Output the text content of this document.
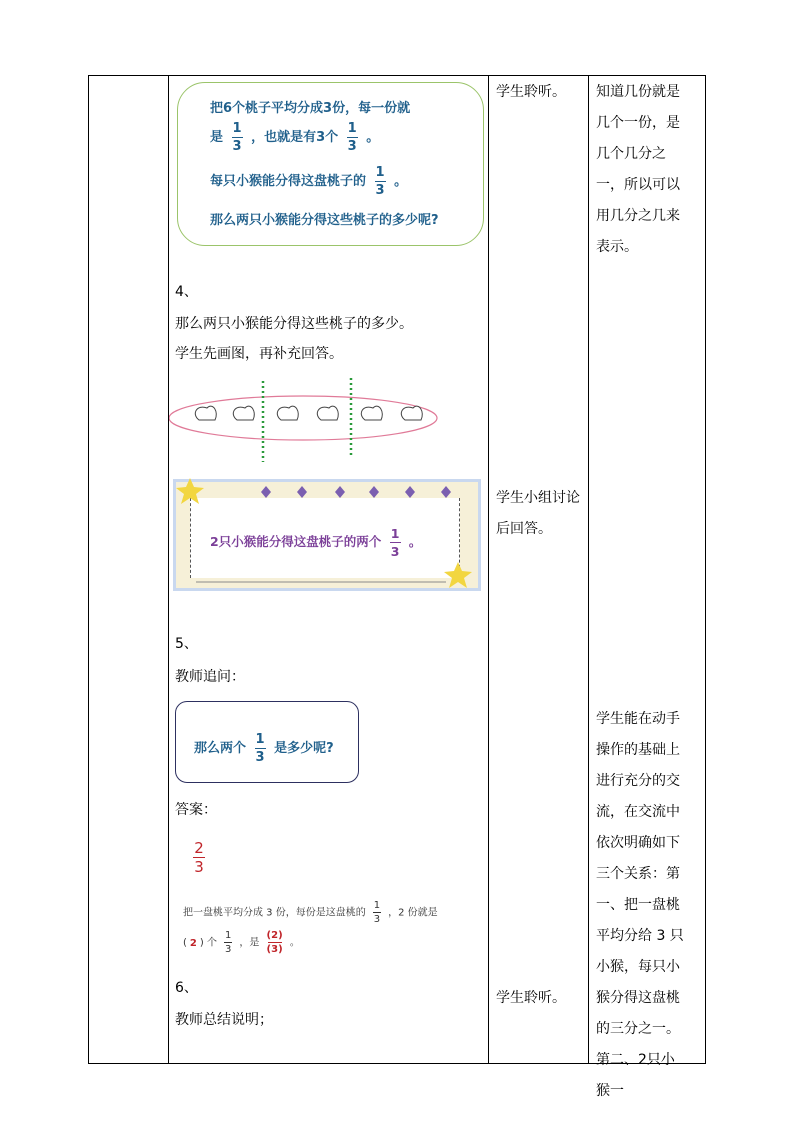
把6个桃子平均分成3份，每一份就
是 $\frac{1}{3}$ ，也就是有3个 $\frac{1}{3}$ 。
每只小猴能分得这盘桃子的 $\frac{1}{3}$ 。
那么两只小猴能分得这些桃子的多少呢?
4、
那么两只小猴能分得这些桃子的多少。
学生先画图，再补充回答。
2只小猴能分得这盘桃子的两个 $\frac{1}{3}$ 。
5、
教师追问：
那么两个 $\frac{1}{3}$ 是多少呢?
答案：
$\frac{2}{3}$
把一盘桃平均分成 3 份，每份是这盘桃的 $\frac{1}{3}$ ，2 份就是
( 2 ) 个 $\frac{1}{3}$ ，是 $\frac{(2)}{(3)}$ 。
6、
教师总结说明；
学生聆听。
学生小组讨论后回答。
学生聆听。
知道几份就是几个一份，是几个几分之一，所以可以用几分之几来表示。
学生能在动手操作的基础上进行充分的交流，在交流中依次明确如下三个关系：第一、把一盘桃平均分给 3 只小猴，每只小猴分得这盘桃的三分之一。第二、2只小猴一
